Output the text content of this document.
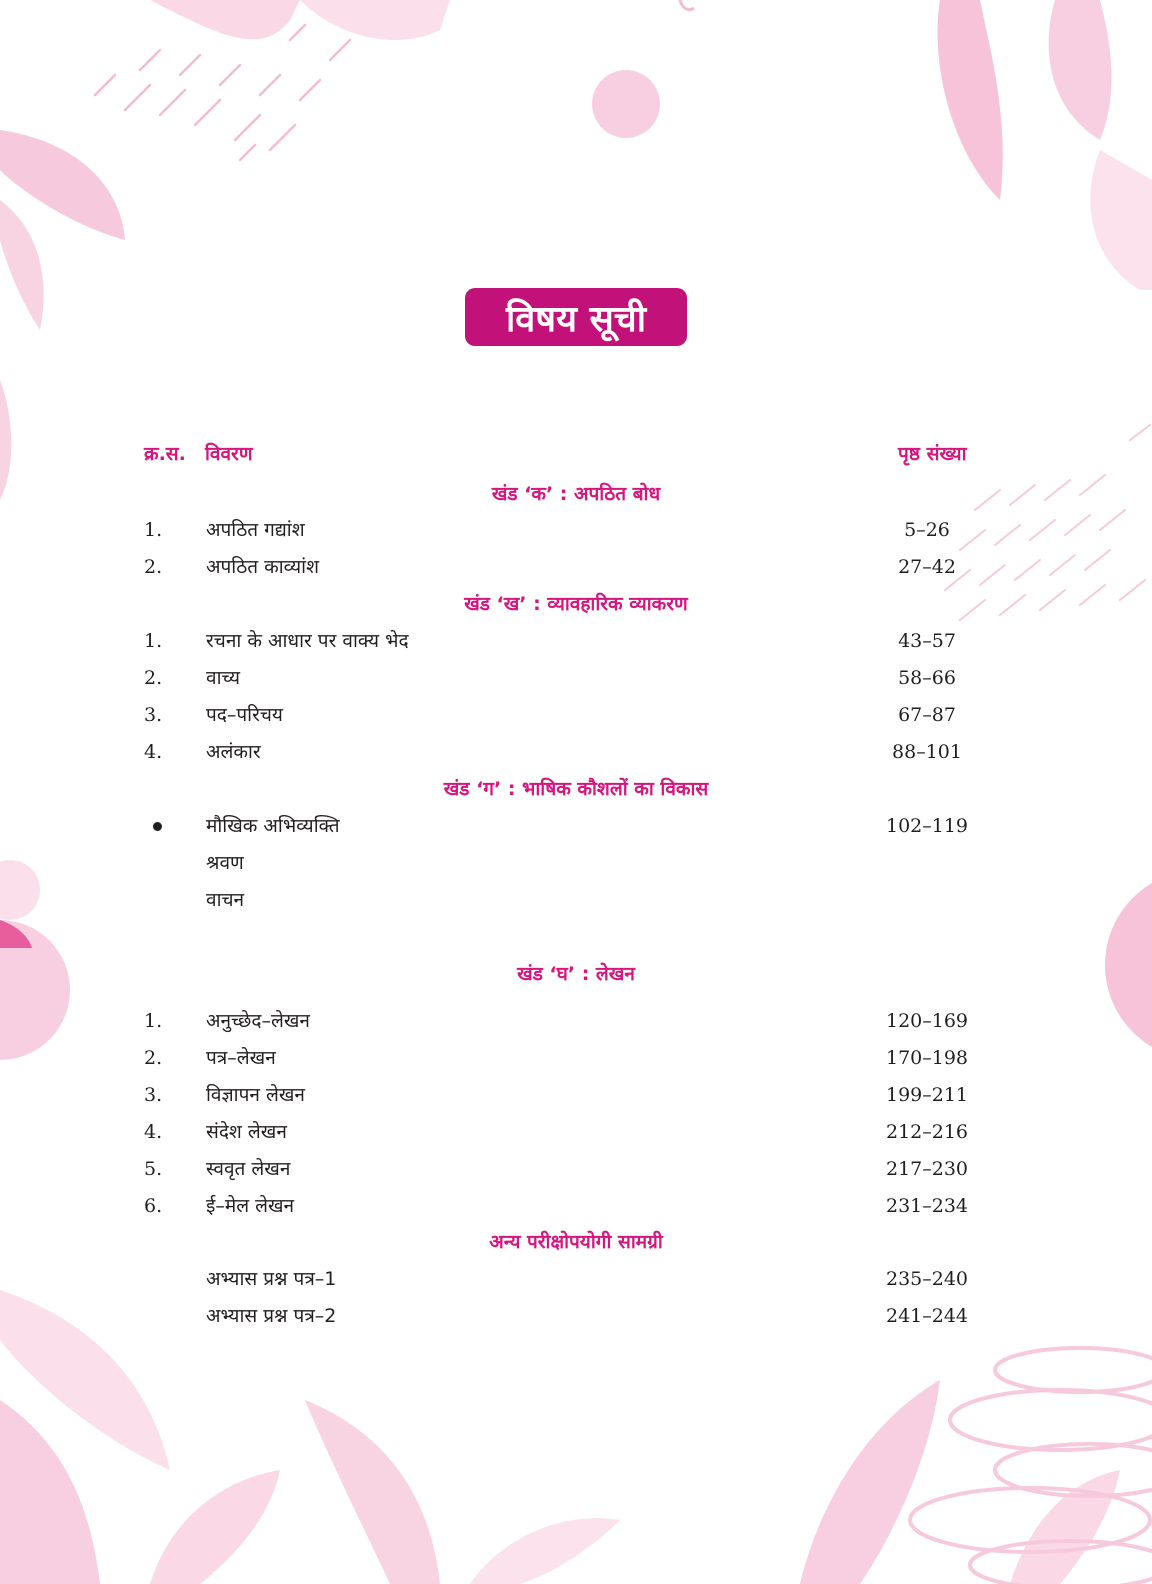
विषय सूची
क्र.स. विवरण	पृष्ठ संख्या
खंड ‘क’ : अपठित बोध
1. अपठित गद्यांश	5–26
2. अपठित काव्यांश	27–42
खंड ‘ख’ : व्यावहारिक व्याकरण
1. रचना के आधार पर वाक्य भेद	43–57
2. वाच्य	58–66
3. पद–परिचय	67–87
4. अलंकार	88–101
खंड ‘ग’ : भाषिक कौशलों का विकास
मौखिक अभिव्यक्ति	102–119
श्रवण
वाचन
खंड ‘घ’ : लेखन
1. अनुच्छेद–लेखन	120–169
2. पत्र–लेखन	170–198
3. विज्ञापन लेखन	199–211
4. संदेश लेखन	212–216
5. स्ववृत लेखन	217–230
6. ई–मेल लेखन	231–234
अन्य परीक्षोपयोगी सामग्री
अभ्यास प्रश्न पत्र–1	235–240
अभ्यास प्रश्न पत्र–2	241–244
